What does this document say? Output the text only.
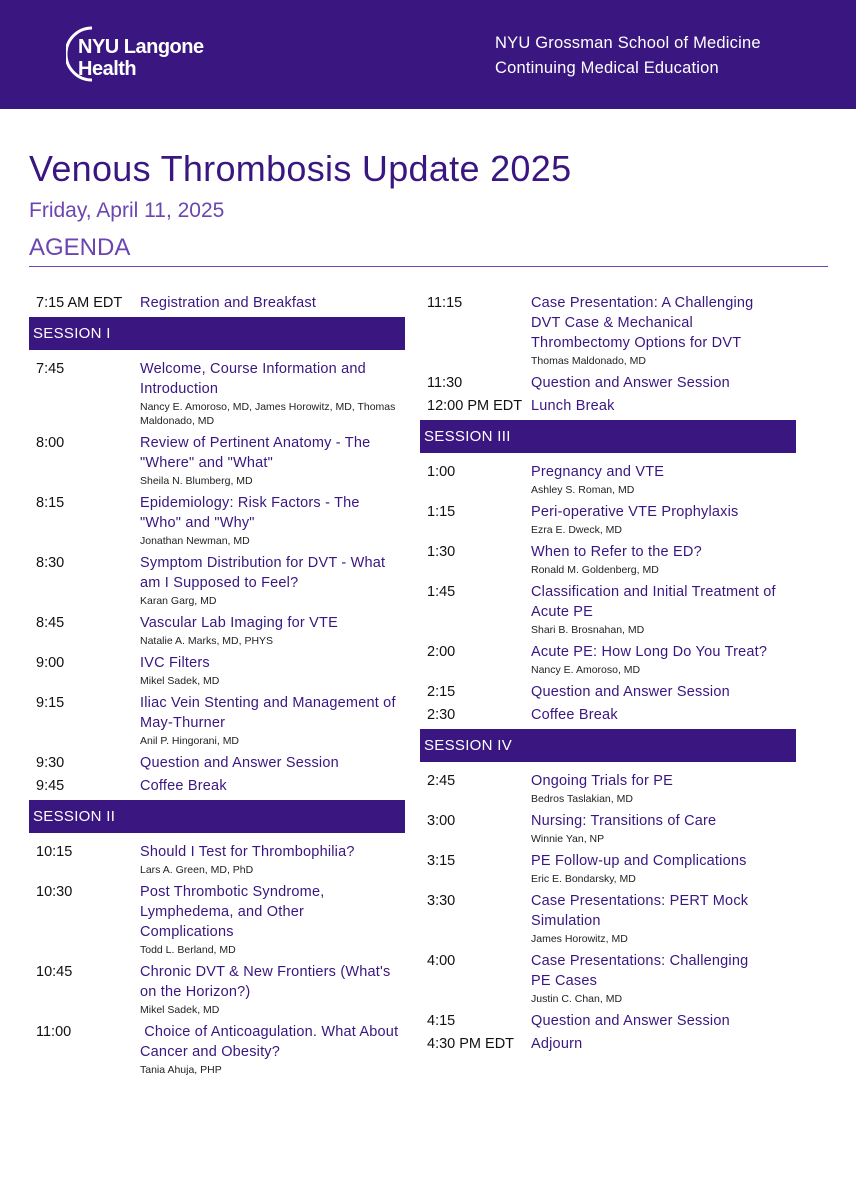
NYU Langone
Health
NYU Grossman School of Medicine
Continuing Medical Education
Venous Thrombosis Update 2025
Friday, April 11, 2025
AGENDA
7:15 AM EDT	Registration and Breakfast
SESSION I
7:45	Welcome, Course Information and Introduction
Nancy E. Amoroso, MD, James Horowitz, MD, Thomas Maldonado, MD
8:00	Review of Pertinent Anatomy - The "Where" and "What"
Sheila N. Blumberg, MD
8:15	Epidemiology: Risk Factors - The "Who" and "Why"
Jonathan Newman, MD
8:30	Symptom Distribution for DVT - What am I Supposed to Feel?
Karan Garg, MD
8:45	Vascular Lab Imaging for VTE
Natalie A. Marks, MD, PHYS
9:00	IVC Filters
Mikel Sadek, MD
9:15	Iliac Vein Stenting and Management of May-Thurner
Anil P. Hingorani, MD
9:30	Question and Answer Session
9:45	Coffee Break
SESSION II
10:15	Should I Test for Thrombophilia?
Lars A. Green, MD, PhD
10:30	Post Thrombotic Syndrome, Lymphedema, and Other Complications
Todd L. Berland, MD
10:45	Chronic DVT & New Frontiers (What's on the Horizon?)
Mikel Sadek, MD
11:00	Choice of Anticoagulation. What About Cancer and Obesity?
Tania Ahuja, PHP
11:15	Case Presentation: A Challenging DVT Case & Mechanical Thrombectomy Options for DVT
Thomas Maldonado, MD
11:30	Question and Answer Session
12:00 PM EDT Lunch Break
SESSION III
1:00	Pregnancy and VTE
Ashley S. Roman, MD
1:15	Peri-operative VTE Prophylaxis
Ezra E. Dweck, MD
1:30	When to Refer to the ED?
Ronald M. Goldenberg, MD
1:45	Classification and Initial Treatment of Acute PE
Shari B. Brosnahan, MD
2:00	Acute PE: How Long Do You Treat?
Nancy E. Amoroso, MD
2:15	Question and Answer Session
2:30	Coffee Break
SESSION IV
2:45	Ongoing Trials for PE
Bedros Taslakian, MD
3:00	Nursing: Transitions of Care
Winnie Yan, NP
3:15	PE Follow-up and Complications
Eric E. Bondarsky, MD
3:30	Case Presentations: PERT Mock Simulation
James Horowitz, MD
4:00	Case Presentations: Challenging PE Cases
Justin C. Chan, MD
4:15	Question and Answer Session
4:30 PM EDT	Adjourn
